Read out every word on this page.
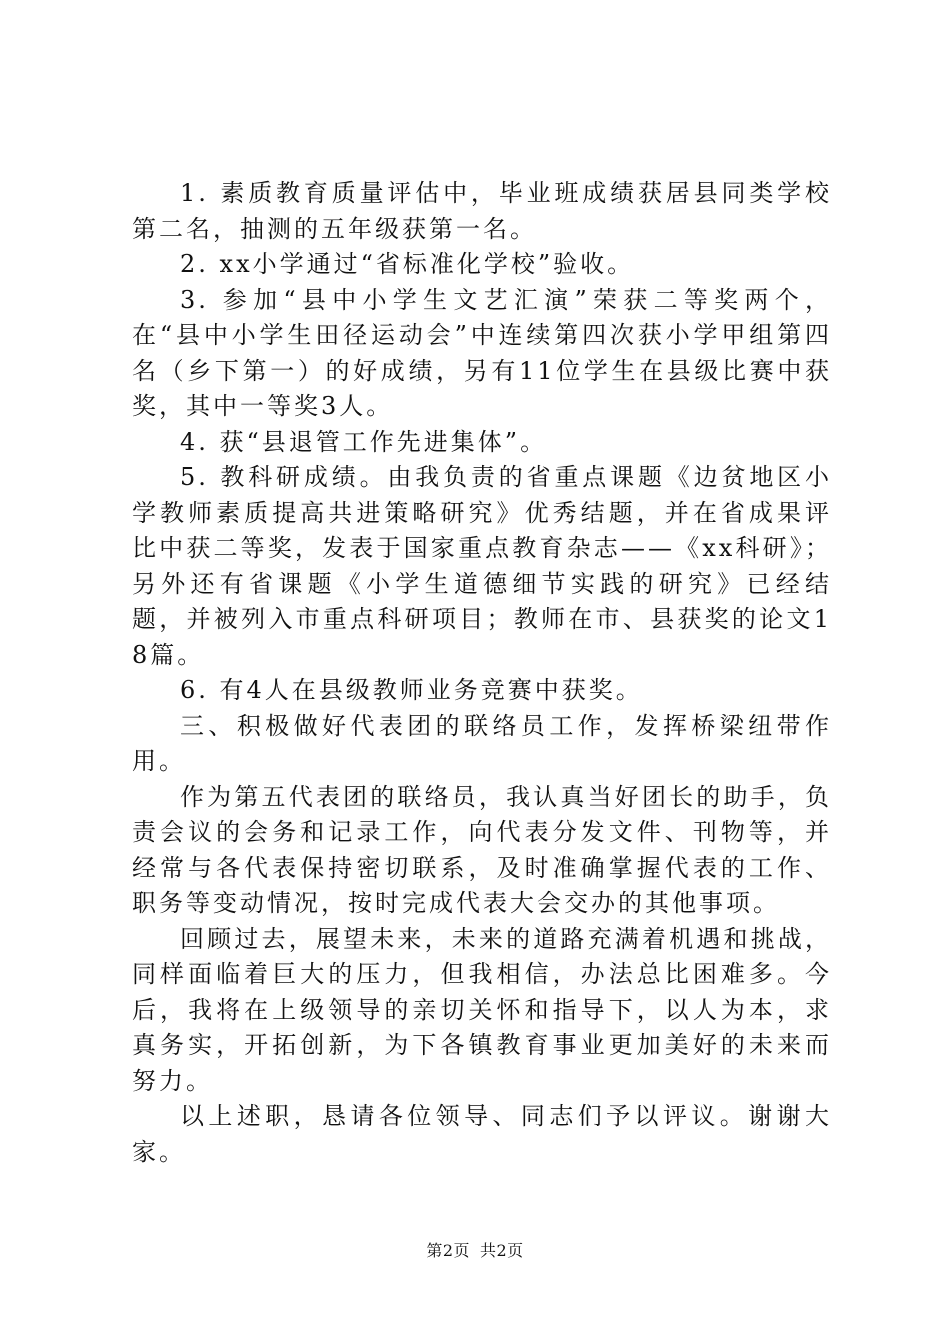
1. 素质教育质量评估中，毕业班成绩获居县同类学校第二名，抽测的五年级获第一名。

2. xx小学通过“省标准化学校”验收。

3. 参加“县中小学生文艺汇演”荣获二等奖两个，在“县中小学生田径运动会”中连续第四次获小学甲组第四名（乡下第一）的好成绩，另有11位学生在县级比赛中获奖，其中一等奖3人。

4. 获“县退管工作先进集体”。

5. 教科研成绩。由我负责的省重点课题《边贫地区小学教师素质提高共进策略研究》优秀结题，并在省成果评比中获二等奖，发表于国家重点教育杂志——《xx科研》；另外还有省课题《小学生道德细节实践的研究》已经结题，并被列入市重点科研项目；教师在市、县获奖的论文18篇。

6. 有4人在县级教师业务竞赛中获奖。

三、积极做好代表团的联络员工作，发挥桥梁纽带作用。

作为第五代表团的联络员，我认真当好团长的助手，负责会议的会务和记录工作，向代表分发文件、刊物等，并经常与各代表保持密切联系，及时准确掌握代表的工作、职务等变动情况，按时完成代表大会交办的其他事项。

回顾过去，展望未来，未来的道路充满着机遇和挑战，同样面临着巨大的压力，但我相信，办法总比困难多。今后，我将在上级领导的亲切关怀和指导下，以人为本，求真务实，开拓创新，为下各镇教育事业更加美好的未来而努力。

以上述职，恳请各位领导、同志们予以评议。谢谢大家。

第2页 共2页
